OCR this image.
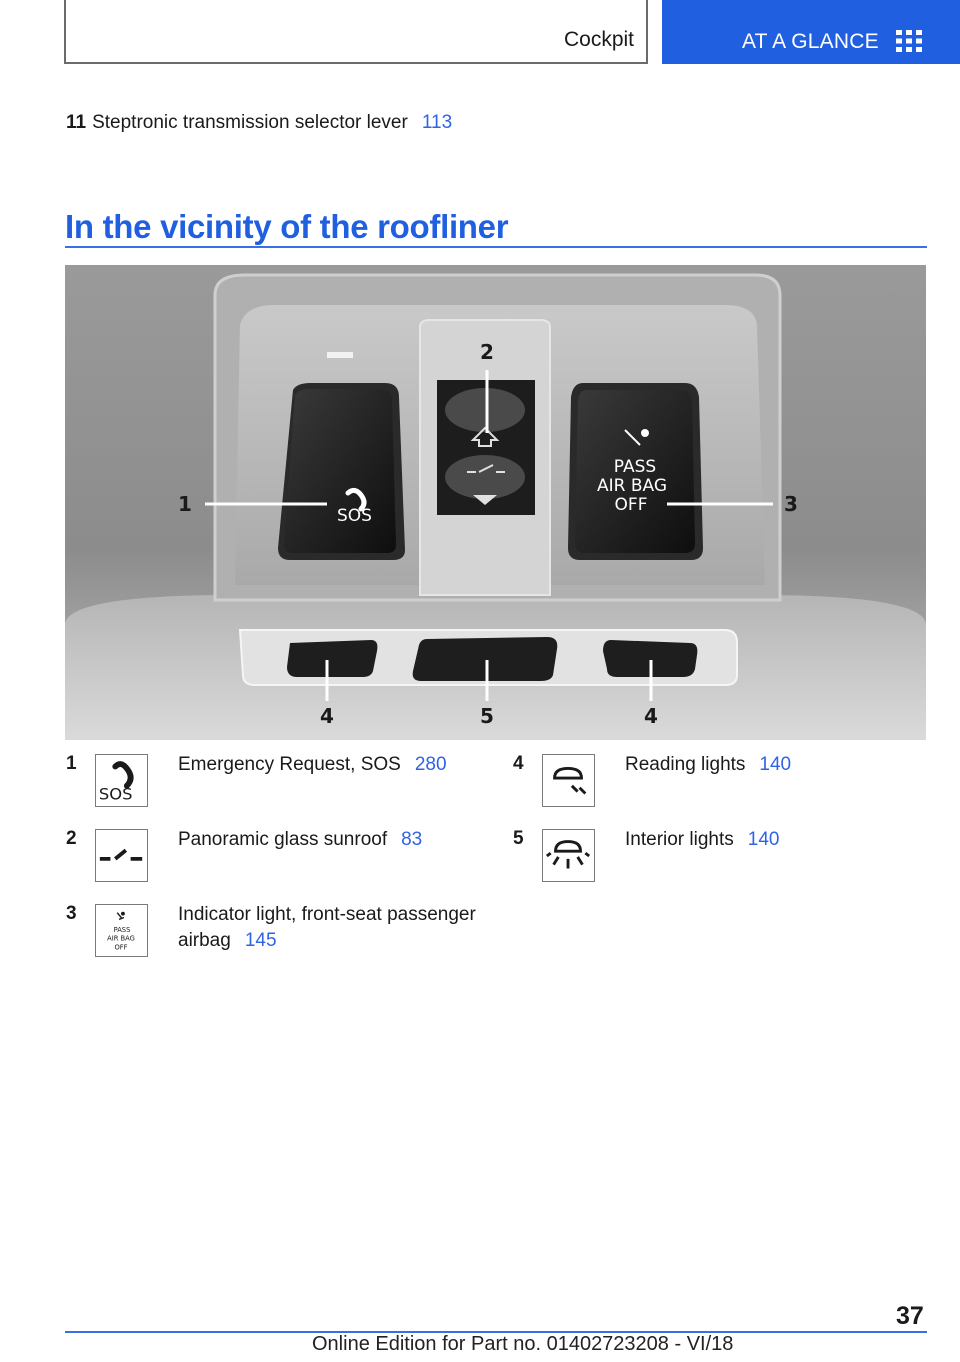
Cockpit	AT A GLANCE
11 Steptronic transmission selector lever 113
In the vicinity of the roofliner
SOS
PASS
AIR BAG
OFF
1
2
3
4	5	4
1
SOS
Emergency Request, SOS 280
2	Panoramic glass sunroof 83
3
PASS
AIR BAG
OFF
Indicator light, front-seat passenger
airbag 145
4	Reading lights 140
5	Interior lights 140
37
Online Edition for Part no. 01402723208 - VI/18
